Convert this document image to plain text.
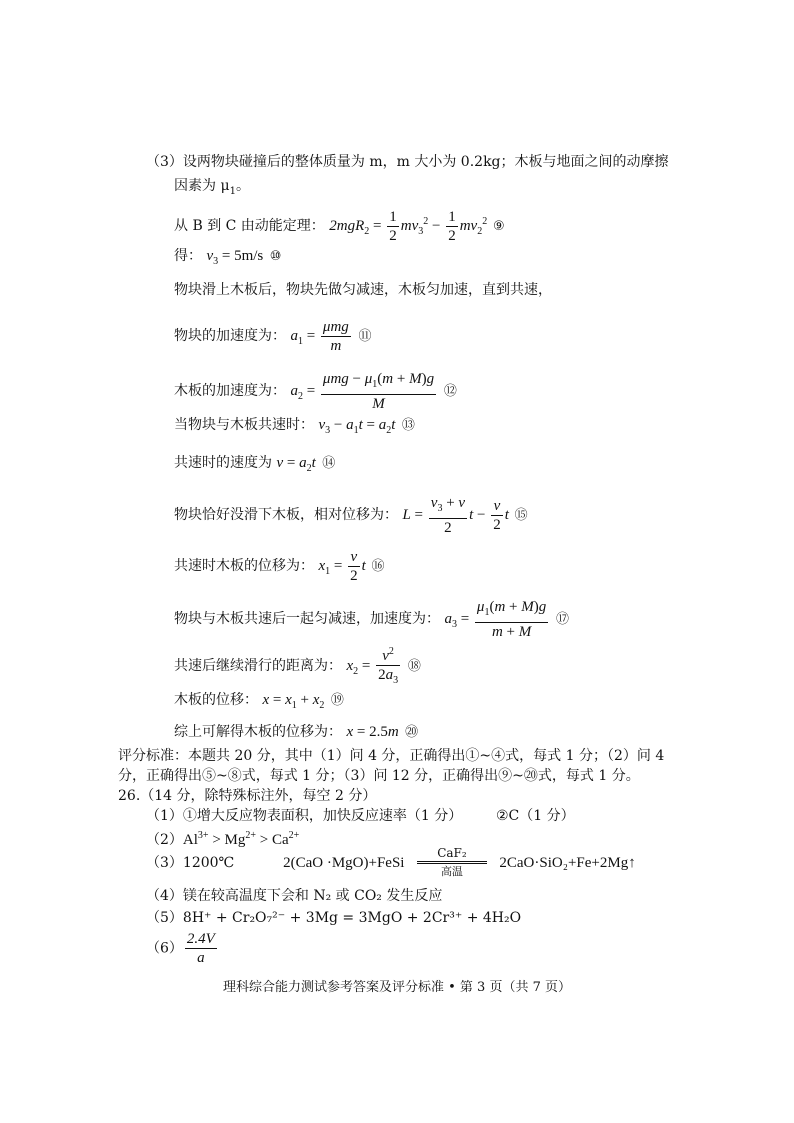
（3）设两物块碰撞后的整体质量为 m，m 大小为 0.2kg；木板与地面之间的动摩擦
因素为 $\mu_1$。
从 B 到 C 由动能定理： $2mgR_2 = \frac{1}{2} mv_3^2 - \frac{1}{2} mv_2^2$ ⑨
得： $v_3 = 5m/s$ ⑩
物块滑上木板后，物块先做匀减速，木板匀加速，直到共速，
物块的加速度为： $a_1 = \frac{\text{μmg}}{m}$ ⑪
木板的加速度为： $a_2 = \frac{\mu mg - \mu_1(m + M)g}{M}$ ⑫
当物块与木板共速时： $v_3 - a_1t = a_2t$ ⑬
共速时的速度为 $v = a_2t$ ⑭
物块恰好没滑下木板，相对位移为： $L = \frac{v_3 + v}{2}$ $t - \frac{v}{2}$ t ⑮
共速时木板的位移为： $x_1 = \frac{v}{2}$ t ⑯
物块与木板共速后一起匀减速，加速度为： $a_3 = \frac{\mu_1(m + M)g}{m + M}$ ⑰
共速后继续滑行的距离为： $x_2 = \frac{v^2}{2a_3}$ ⑱
木板的位移： $x = x_1 + x_2$ ⑲
综上可解得木板的位移为： x = 2.5m ⑳
评分标准：本题共 20 分，其中（1）问 4 分，正确得出①~④式，每式 1 分；（2）问 4
分，正确得出⑤~⑧式，每式 1 分；（3）问 12 分，正确得出⑨~⑳式，每式 1 分。
26.（14 分，除特殊标注外，每空 2 分）
（1）①增大反应物表面积，加快反应速率（1 分） ②C（1 分）
$(2)Al^{3+} > Mg^{2+} > Ca^{2+}$
（3）1200℃	2(CaO ·MgO)+FeSi
CaF₂
高温
2CaO·SiO₂+Fe+2Mg↑
（4）镁在较高温度下会和 N₂ 或 CO₂ 发生反应
（5）8H⁺ + Cr₂O₇²⁻ + 3Mg = 3MgO + 2Cr³⁺ + 4H₂O
$(6) \frac{2.4V}{a}$
理科综合能力测试参考答案及评分标准 • 第 3 页（共 7 页）
